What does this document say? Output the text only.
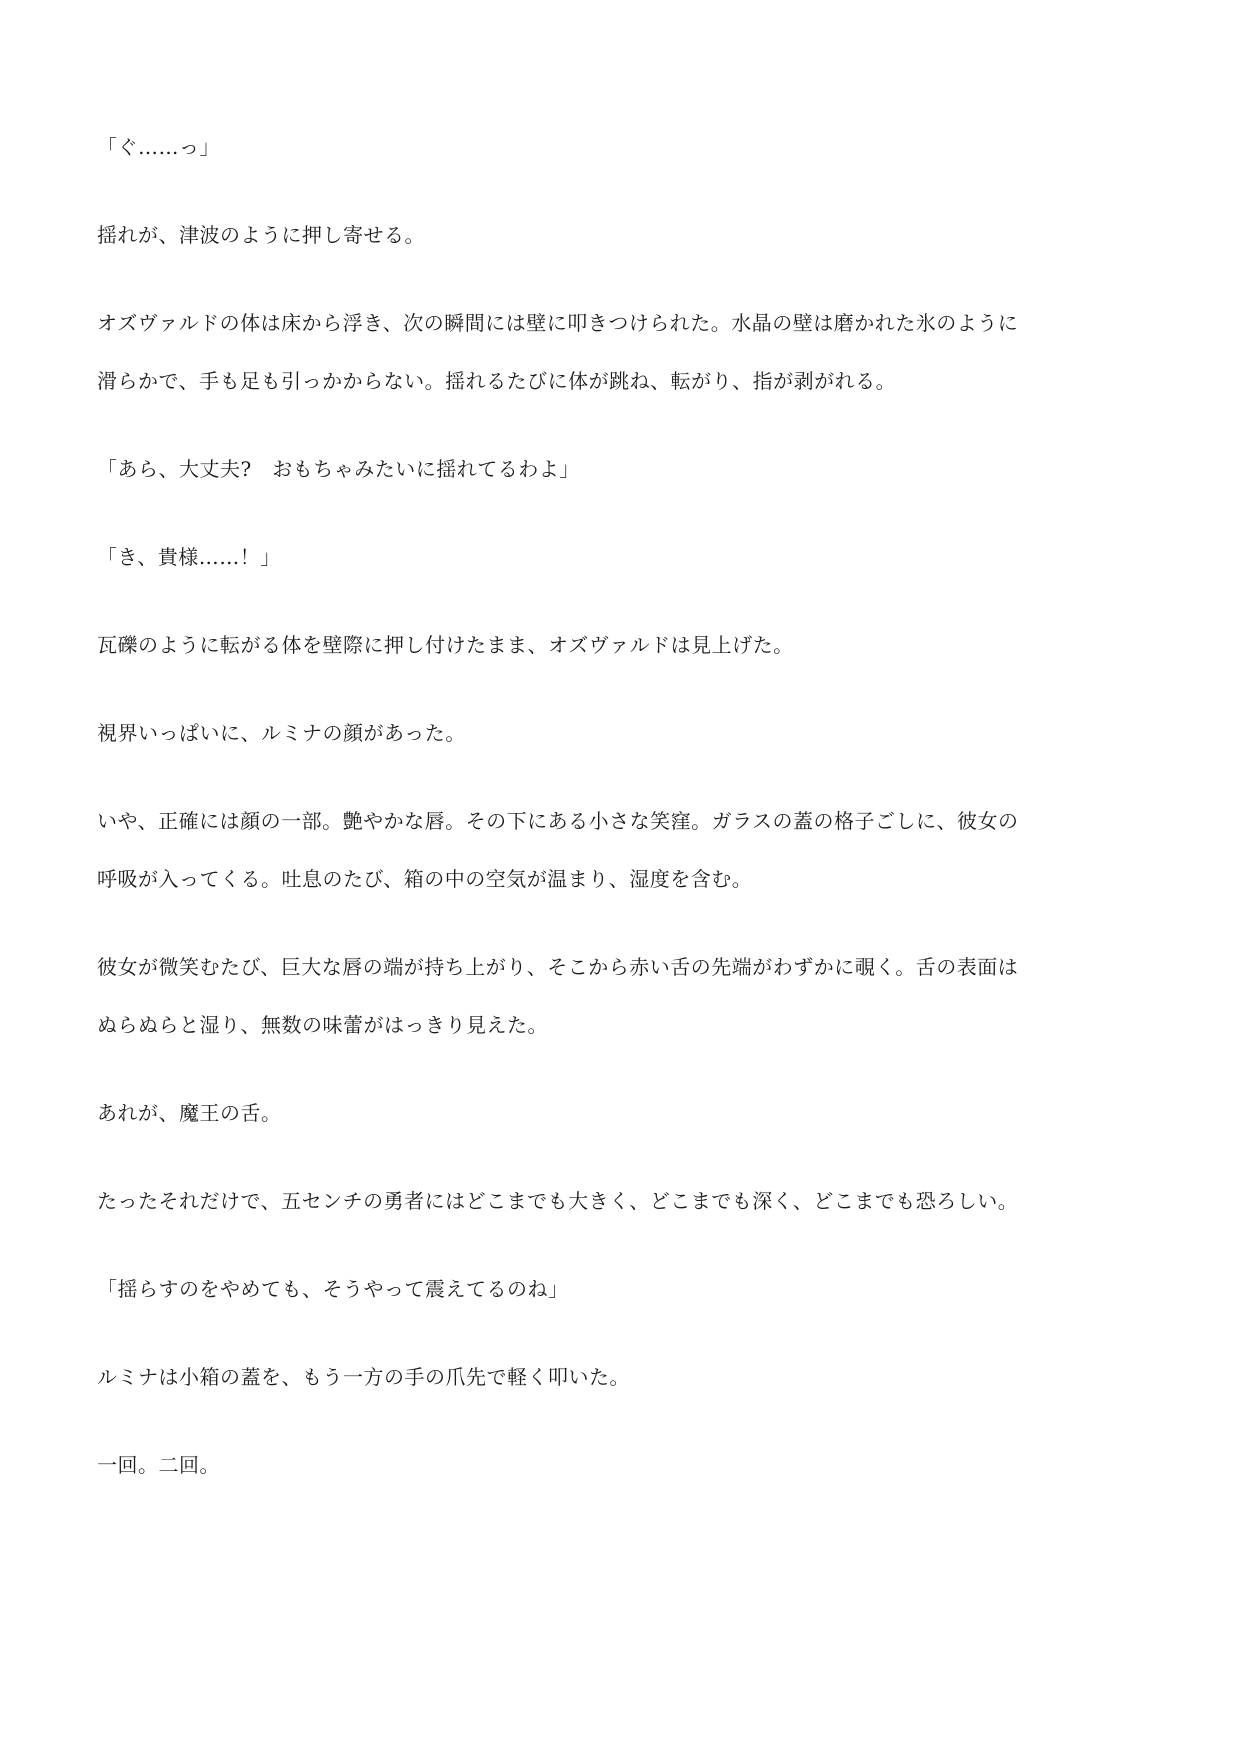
「ぐ……っ」

揺れが、津波のように押し寄せる。

オズヴァルドの体は床から浮き、次の瞬間には壁に叩きつけられた。水晶の壁は磨かれた氷のように滑らかで、手も足も引っかからない。揺れるたびに体が跳ね、転がり、指が剥がれる。

「あら、大丈夫?　おもちゃみたいに揺れてるわよ」

「き、貴様……！」

瓦礫のように転がる体を壁際に押し付けたまま、オズヴァルドは見上げた。

視界いっぱいに、ルミナの顔があった。

いや、正確には顔の一部。艶やかな唇。その下にある小さな笑窪。ガラスの蓋の格子ごしに、彼女の呼吸が入ってくる。吐息のたび、箱の中の空気が温まり、湿度を含む。

彼女が微笑むたび、巨大な唇の端が持ち上がり、そこから赤い舌の先端がわずかに覗く。舌の表面はぬらぬらと湿り、無数の味蕾がはっきり見えた。

あれが、魔王の舌。

たったそれだけで、五センチの勇者にはどこまでも大きく、どこまでも深く、どこまでも恐ろしい。

「揺らすのをやめても、そうやって震えてるのね」

ルミナは小箱の蓋を、もう一方の手の爪先で軽く叩いた。

一回。二回。
